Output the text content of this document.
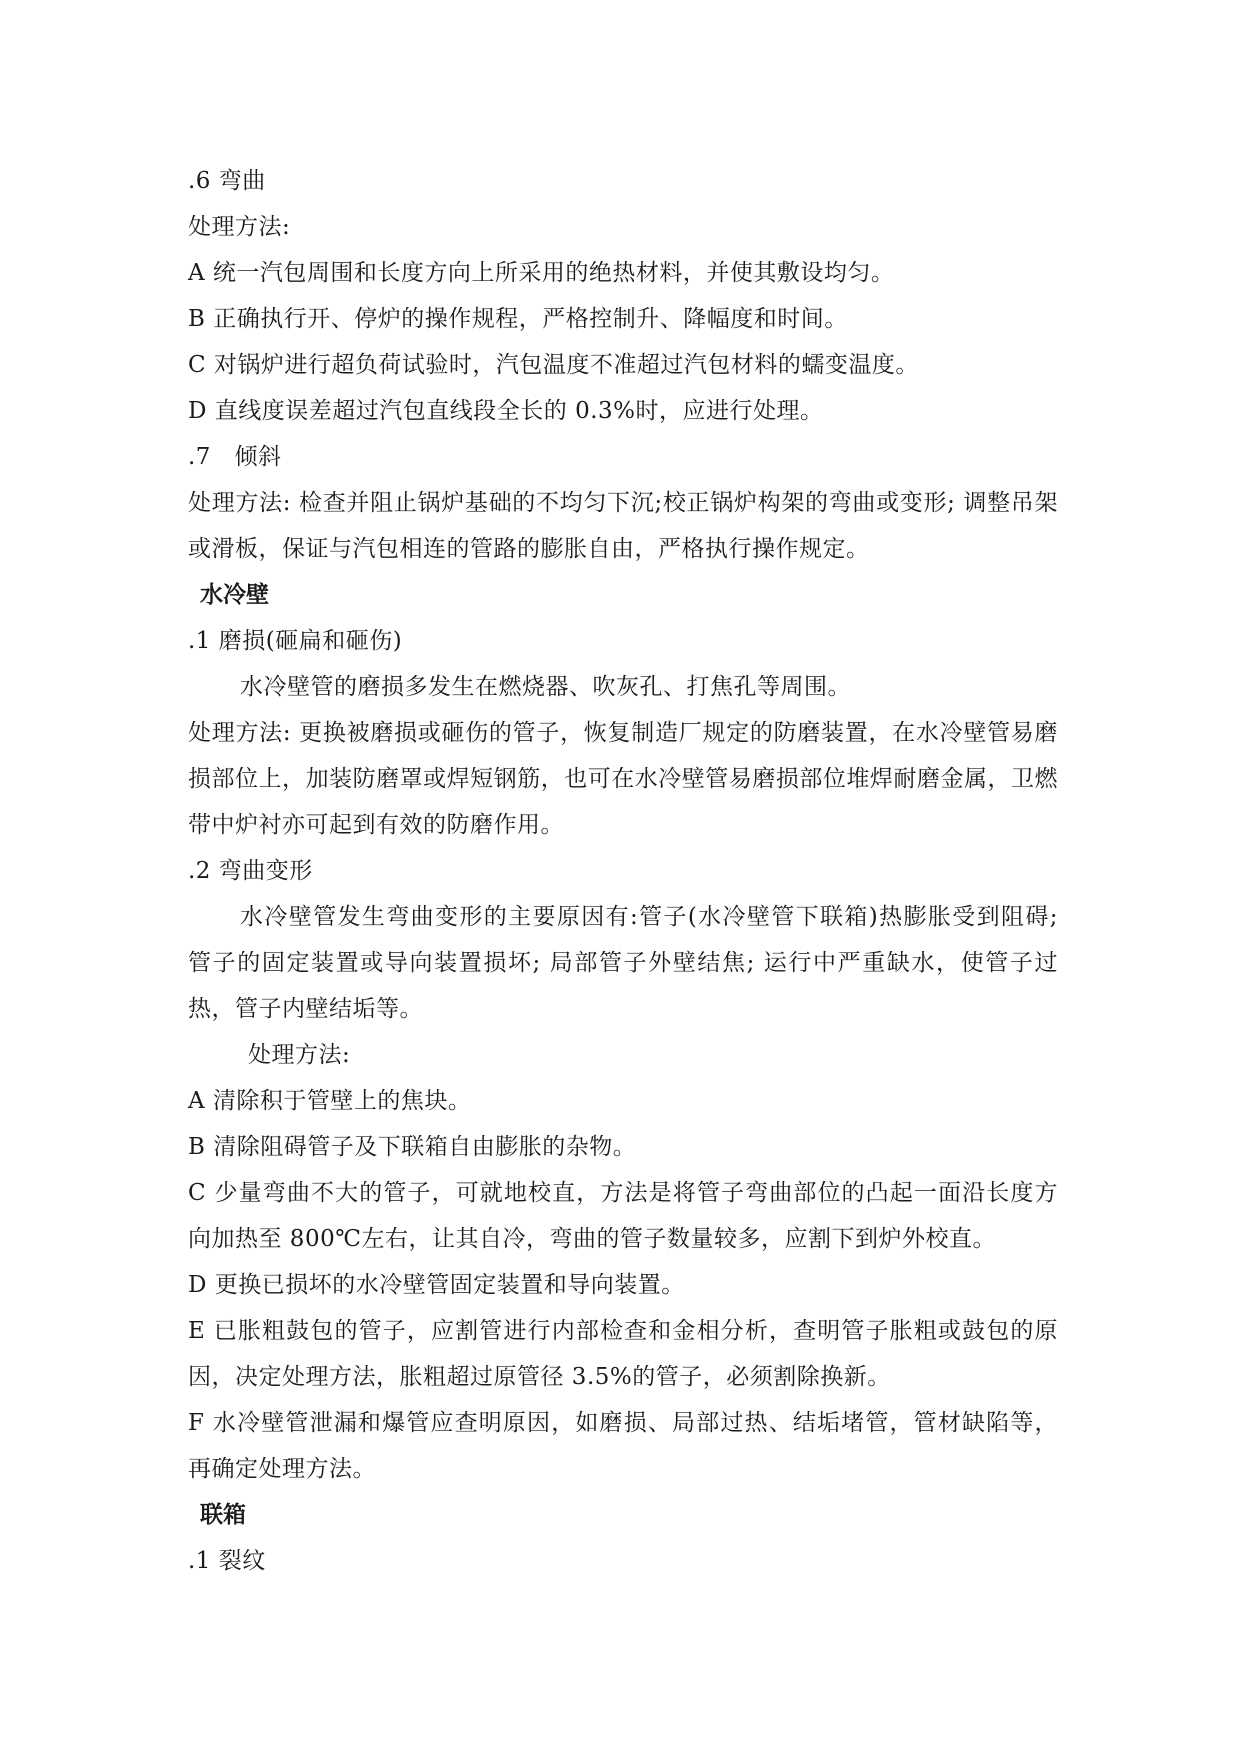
.6 弯曲
处理方法:
A 统一汽包周围和长度方向上所采用的绝热材料，并使其敷设均匀。
B 正确执行开、停炉的操作规程，严格控制升、降幅度和时间。
C 对锅炉进行超负荷试验时，汽包温度不准超过汽包材料的蠕变温度。
D 直线度误差超过汽包直线段全长的 0.3%时，应进行处理。
.7　倾斜
处理方法: 检查并阻止锅炉基础的不均匀下沉;校正锅炉构架的弯曲或变形; 调整吊架或滑板，保证与汽包相连的管路的膨胀自由，严格执行操作规定。
水冷壁
.1 磨损(砸扁和砸伤)
水冷壁管的磨损多发生在燃烧器、吹灰孔、打焦孔等周围。
处理方法: 更换被磨损或砸伤的管子，恢复制造厂规定的防磨装置，在水冷壁管易磨损部位上，加装防磨罩或焊短钢筋，也可在水冷壁管易磨损部位堆焊耐磨金属，卫燃带中炉衬亦可起到有效的防磨作用。
.2 弯曲变形
水冷壁管发生弯曲变形的主要原因有:管子(水冷壁管下联箱)热膨胀受到阻碍; 管子的固定装置或导向装置损坏; 局部管子外壁结焦; 运行中严重缺水，使管子过热，管子内壁结垢等。
处理方法:
A 清除积于管壁上的焦块。
B 清除阻碍管子及下联箱自由膨胀的杂物。
C 少量弯曲不大的管子，可就地校直，方法是将管子弯曲部位的凸起一面沿长度方向加热至 800℃左右，让其自冷，弯曲的管子数量较多，应割下到炉外校直。
D 更换已损坏的水冷壁管固定装置和导向装置。
E 已胀粗鼓包的管子，应割管进行内部检查和金相分析，查明管子胀粗或鼓包的原因，决定处理方法，胀粗超过原管径 3.5%的管子，必须割除换新。
F 水冷壁管泄漏和爆管应查明原因，如磨损、局部过热、结垢堵管，管材缺陷等，再确定处理方法。
联箱
.1 裂纹
